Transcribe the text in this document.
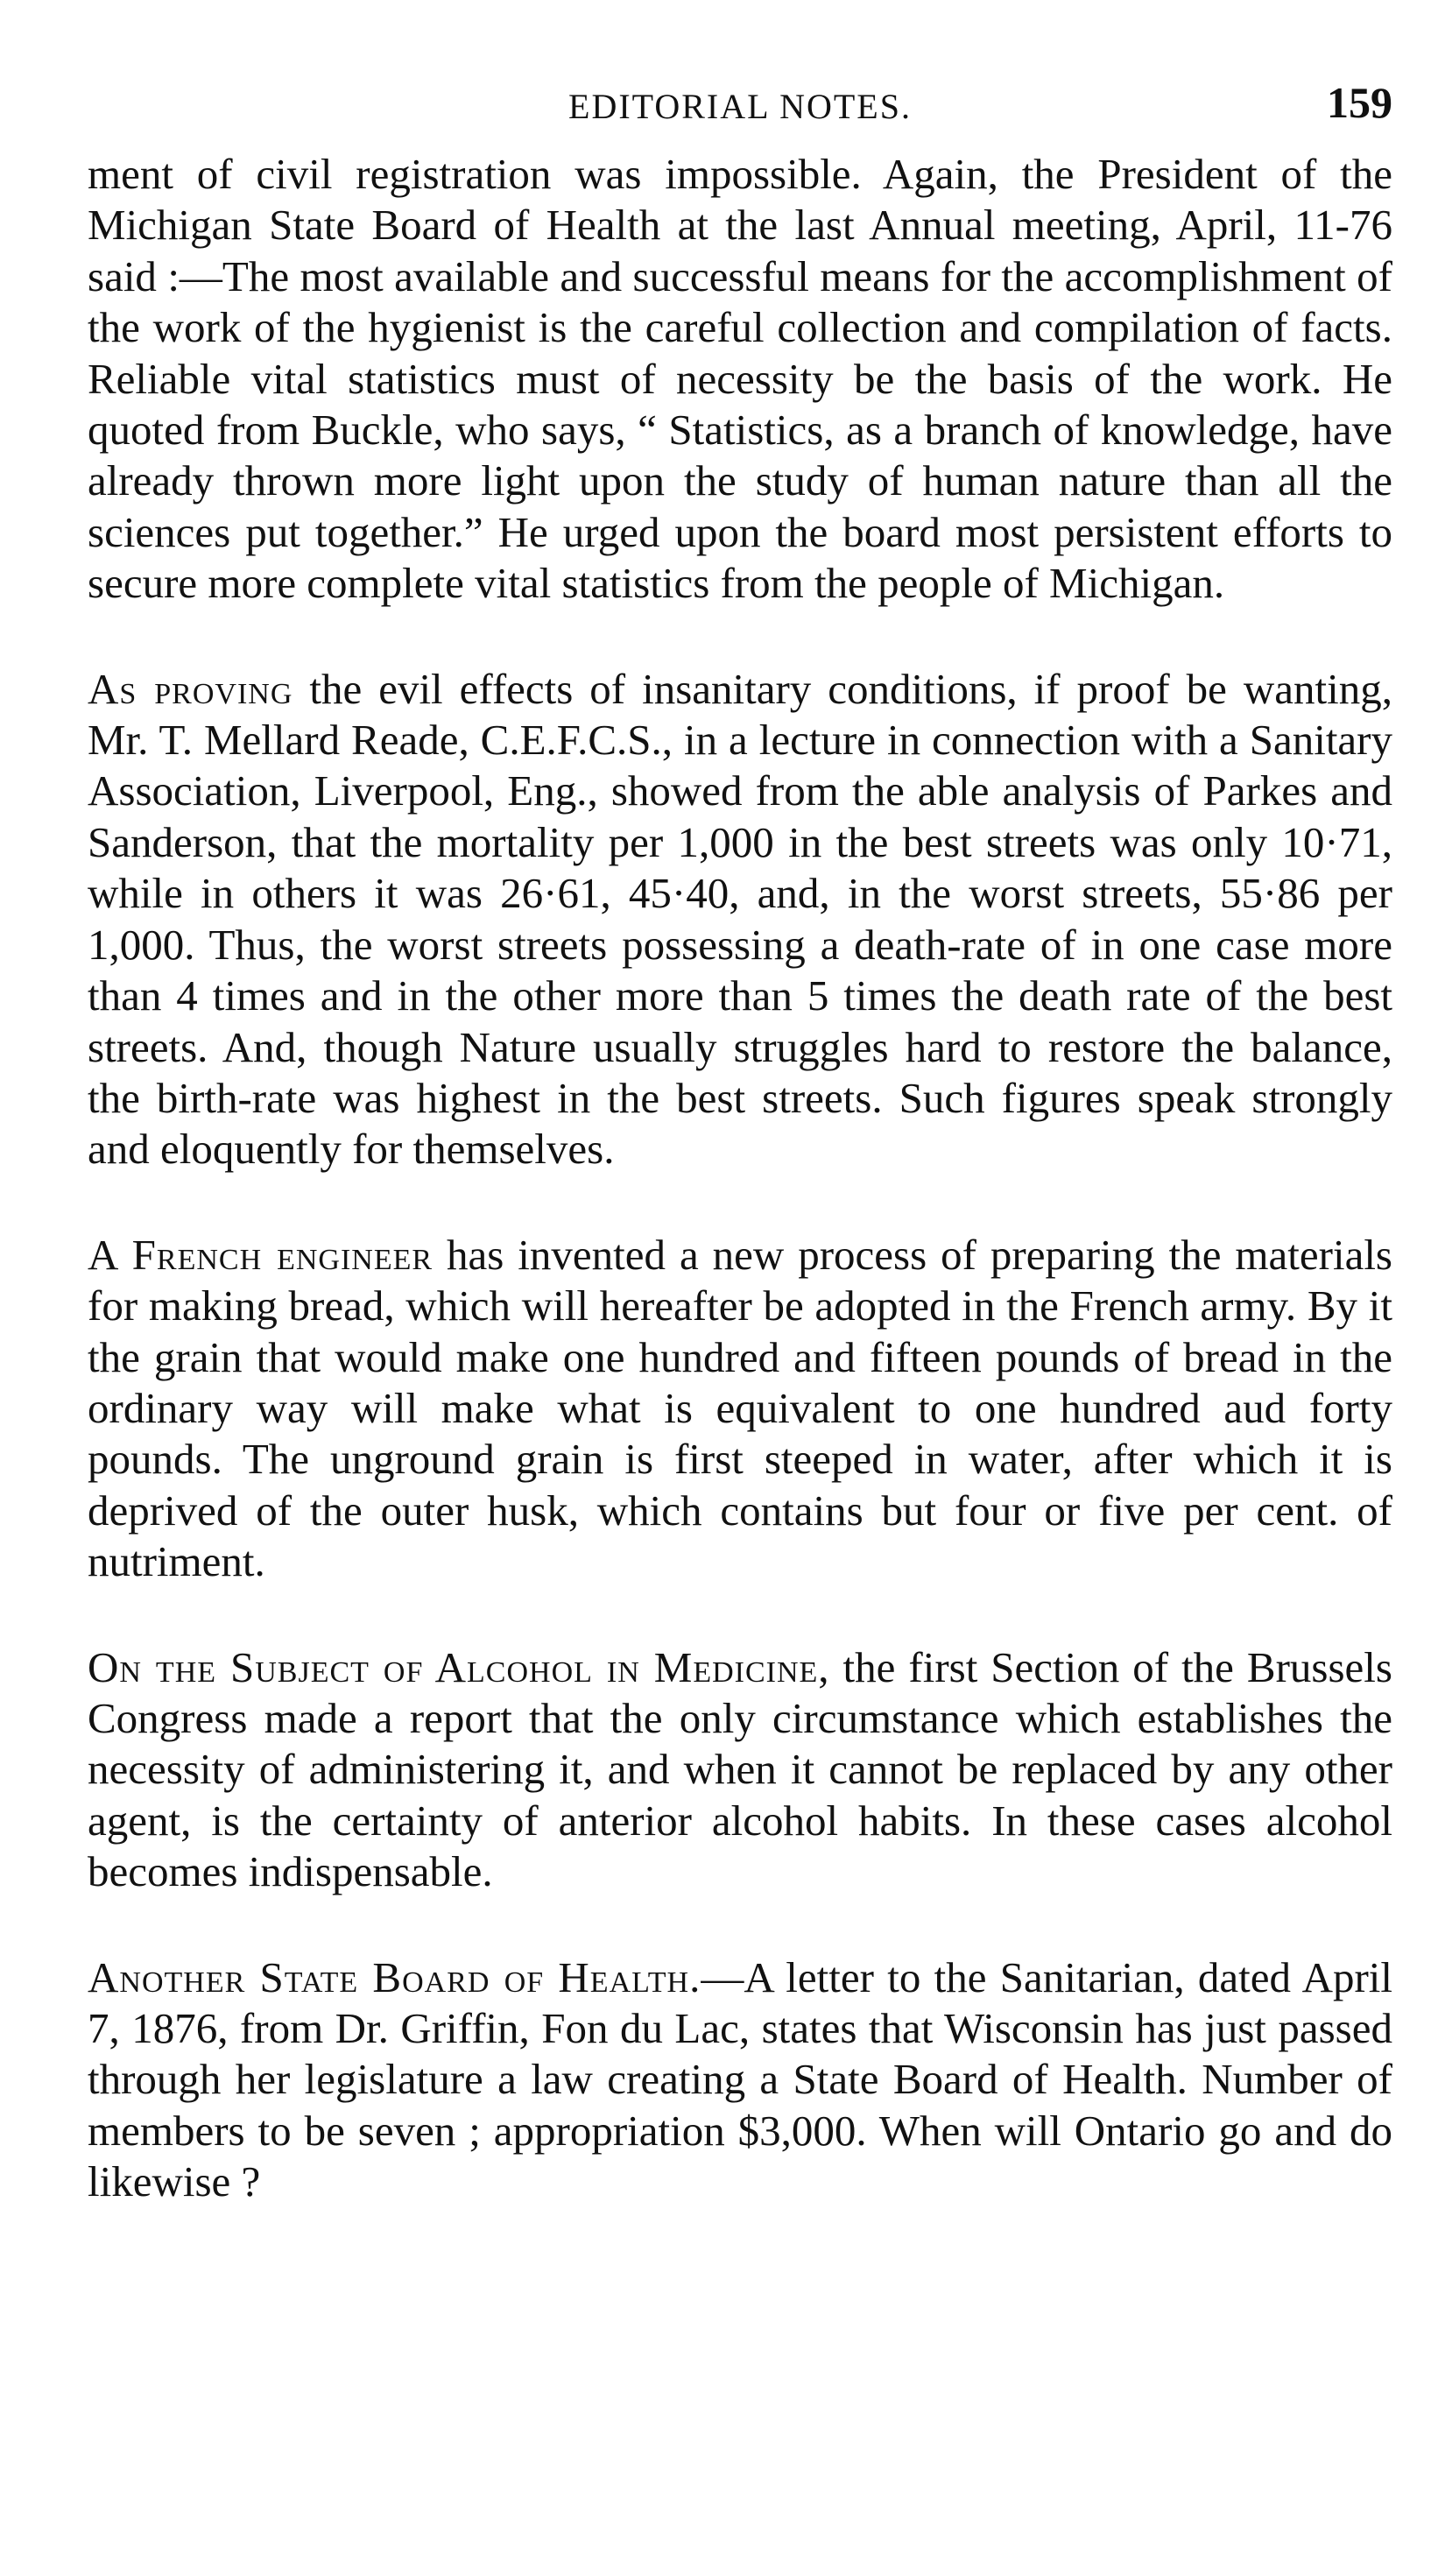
EDITORIAL NOTES.	159

ment of civil registration was impossible. Again, the President of the Michigan State Board of Health at the last Annual meeting, April, 11-76 said :—The most available and successful means for the accomplishment of the work of the hygienist is the careful collection and compilation of facts. Reliable vital statistics must of necessity be the basis of the work. He quoted from Buckle, who says, “ Statistics, as a branch of knowledge, have already thrown more light upon the study of human nature than all the sciences put together.” He urged upon the board most persistent efforts to secure more complete vital statistics from the people of Michigan.

As proving the evil effects of insanitary conditions, if proof be wanting, Mr. T. Mellard Reade, C.E.F.C.S., in a lecture in connection with a Sanitary Association, Liverpool, Eng., showed from the able analysis of Parkes and Sanderson, that the mortality per 1,000 in the best streets was only 10·71, while in others it was 26·61, 45·40, and, in the worst streets, 55·86 per 1,000. Thus, the worst streets possessing a death-rate of in one case more than 4 times and in the other more than 5 times the death rate of the best streets. And, though Nature usually struggles hard to restore the balance, the birth-rate was highest in the best streets. Such figures speak strongly and eloquently for themselves.

A French engineer has invented a new process of preparing the materials for making bread, which will hereafter be adopted in the French army. By it the grain that would make one hundred and fifteen pounds of bread in the ordinary way will make what is equivalent to one hundred aud forty pounds. The unground grain is first steeped in water, after which it is deprived of the outer husk, which contains but four or five per cent. of nutriment.

On the Subject of Alcohol in Medicine, the first Section of the Brussels Congress made a report that the only circumstance which establishes the necessity of administering it, and when it cannot be replaced by any other agent, is the certainty of anterior alcohol habits. In these cases alcohol becomes indispensable.

Another State Board of Health.—A letter to the Sanitarian, dated April 7, 1876, from Dr. Griffin, Fon du Lac, states that Wisconsin has just passed through her legislature a law creating a State Board of Health. Number of members to be seven ; appropriation $3,000. When will Ontario go and do likewise ?
